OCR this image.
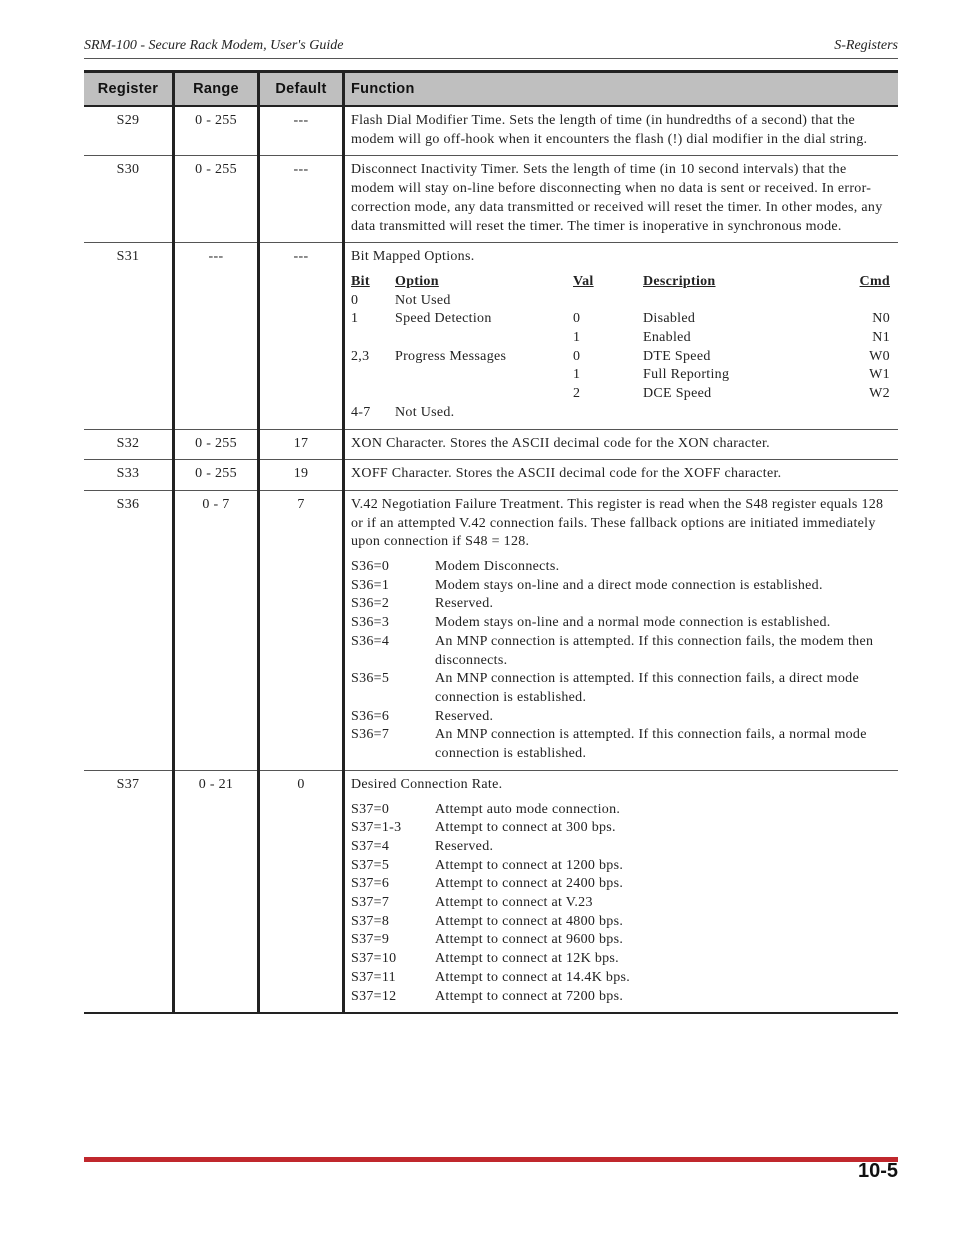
SRM-100 - Secure Rack Modem, User's Guide	S-Registers
Register	Range	Default	Function
S29	0 - 255	---	Flash Dial Modifier Time. Sets the length of time (in hundredths of a second) that the modem will go off-hook when it encounters the flash (!) dial modifier in the dial string.

S30	0 - 255	---	Disconnect Inactivity Timer. Sets the length of time (in 10 second intervals) that the modem will stay on-line before disconnecting when no data is sent or received. In error-correction mode, any data transmitted or received will reset the timer. In other modes, any data transmitted will reset the timer. The timer is inoperative in synchronous mode.

S31	---	---	Bit Mapped Options.

Bit	Option	Val	Description	Cmd
0	Not Used			
1	Speed Detection	0	Disabled	N0
		1	Enabled	N1
2,3	Progress Messages	0	DTE Speed	W0
		1	Full Reporting	W1
		2	DCE Speed	W2
4-7	Not Used.			

S32	0 - 255	17	XON Character. Stores the ASCII decimal code for the XON character.

S33	0 - 255	19	XOFF Character. Stores the ASCII decimal code for the XOFF character.

S36	0 - 7	7	V.42 Negotiation Failure Treatment. This register is read when the S48 register equals 128 or if an attempted V.42 connection fails. These fallback options are initiated immediately upon connection if S48 = 128.

S36=0	Modem Disconnects.
S36=1	Modem stays on-line and a direct mode connection is established.
S36=2	Reserved.
S36=3	Modem stays on-line and a normal mode connection is established.
S36=4	An MNP connection is attempted. If this connection fails, the modem then disconnects.
S36=5	An MNP connection is attempted. If this connection fails, a direct mode connection is established.
S36=6	Reserved.
S36=7	An MNP connection is attempted. If this connection fails, a normal mode connection is established.

S37	0 - 21	0	Desired Connection Rate.

S37=0	Attempt auto mode connection.
S37=1-3	Attempt to connect at 300 bps.
S37=4	Reserved.
S37=5	Attempt to connect at 1200 bps.
S37=6	Attempt to connect at 2400 bps.
S37=7	Attempt to connect at V.23
S37=8	Attempt to connect at 4800 bps.
S37=9	Attempt to connect at 9600 bps.
S37=10	Attempt to connect at 12K bps.
S37=11	Attempt to connect at 14.4K bps.
S37=12	Attempt to connect at 7200 bps.
10-5
